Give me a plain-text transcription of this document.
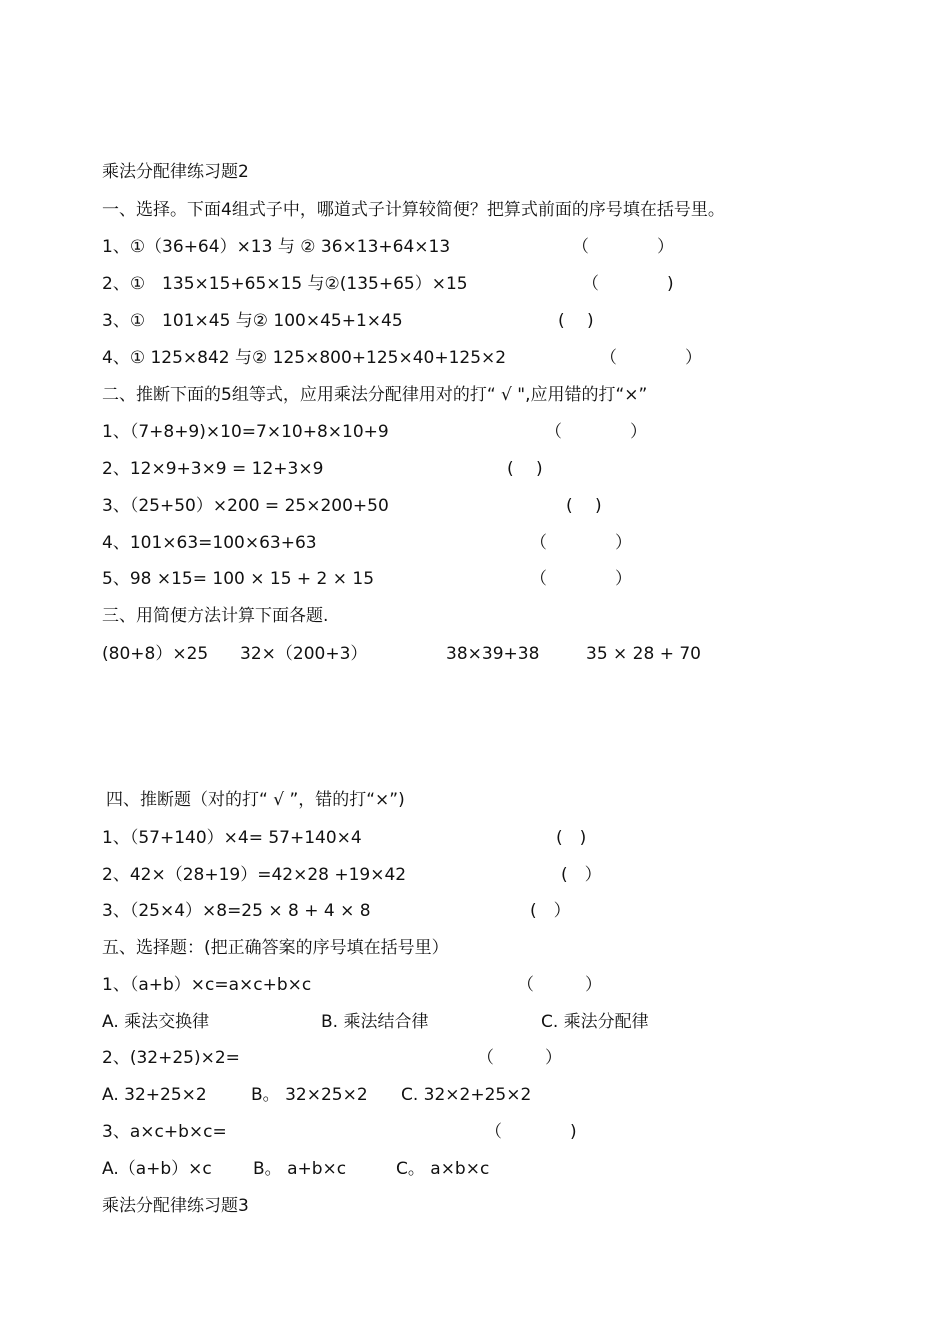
乘法分配律练习题2
一、选择。下面4组式子中，哪道式子计算较简便？把算式前面的序号填在括号里。
1、①（36+64）×13 与 ② 36×13+64×13	（　　　　）
2、①　135×15+65×15 与②(135+65）×15	（　　　　)
3、①　101×45 与② 100×45+1×45	(　 )
4、① 125×842 与② 125×800+125×40+125×2	（　　　　）
二、推断下面的5组等式，应用乘法分配律用对的打“ √ ",应用错的打“×”
1、（7+8+9)×10=7×10+8×10+9	（　　　　）
2、12×9+3×9 = 12+3×9	(　 )
3、（25+50）×200 = 25×200+50	(　 )
4、101×63=100×63+63	（　　　　）
5、98 ×15= 100 × 15 + 2 × 15	（　　　　）
三、用简便方法计算下面各题.
(80+8）×25 32×（200+3）	38×39+38	35 × 28 + 70
四、推断题（对的打“ √ ”，错的打“×”)
1、（57+140）×4= 57+140×4	(　)
2、42×（28+19）=42×28 +19×42	(　）
3、（25×4）×8=25 × 8 + 4 × 8	(　）
五、选择题：(把正确答案的序号填在括号里）
1、（a+b）×c=a×c+b×c	（　　　）
A. 乘法交换律	B. 乘法结合律	C. 乘法分配律
2、(32+25)×2=	（　　　）
A. 32+25×2	B。 32×25×2 C. 32×2+25×2
3、a×c+b×c=	（　　　　)
A.（a+b）×c B。 a+b×c	C。 a×b×c
乘法分配律练习题3
